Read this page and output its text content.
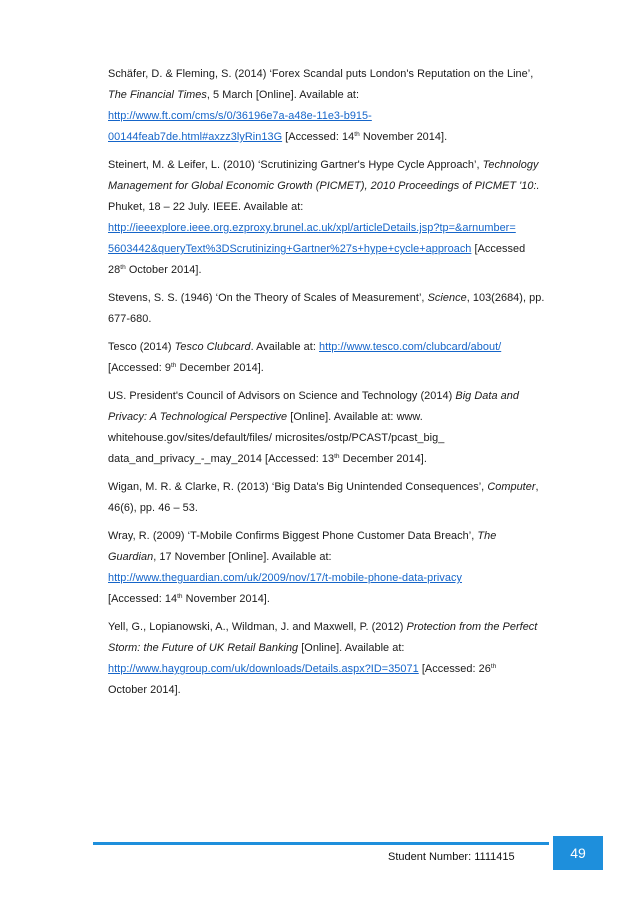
Schäfer, D. & Fleming, S. (2014) ‘Forex Scandal puts London's Reputation on the Line’,
The Financial Times, 5 March [Online]. Available at:
http://www.ft.com/cms/s/0/36196e7a-a48e-11e3-b915-
00144feab7de.html#axzz3lyRin13G [Accessed: 14th November 2014].

Steinert, M. & Leifer, L. (2010) ‘Scrutinizing Gartner's Hype Cycle Approach’, Technology
Management for Global Economic Growth (PICMET), 2010 Proceedings of PICMET '10:.
Phuket, 18 – 22 July. IEEE. Available at:
http://ieeexplore.ieee.org.ezproxy.brunel.ac.uk/xpl/articleDetails.jsp?tp=&arnumber=
5603442&queryText%3DScrutinizing+Gartner%27s+hype+cycle+approach [Accessed
28th October 2014].

Stevens, S. S. (1946) ‘On the Theory of Scales of Measurement’, Science, 103(2684), pp.
677-680.

Tesco (2014) Tesco Clubcard. Available at: http://www.tesco.com/clubcard/about/
[Accessed: 9th December 2014].

US. President's Council of Advisors on Science and Technology (2014) Big Data and
Privacy: A Technological Perspective [Online]. Available at: www.
whitehouse.gov/sites/default/files/ microsites/ostp/PCAST/pcast_big_
data_and_privacy_-_may_2014 [Accessed: 13th December 2014].

Wigan, M. R. & Clarke, R. (2013) ‘Big Data's Big Unintended Consequences’, Computer,
46(6), pp. 46 – 53.

Wray, R. (2009) ‘T-Mobile Confirms Biggest Phone Customer Data Breach’, The
Guardian, 17 November [Online]. Available at:
http://www.theguardian.com/uk/2009/nov/17/t-mobile-phone-data-privacy
[Accessed: 14th November 2014].

Yell, G., Lopianowski, A., Wildman, J. and Maxwell, P. (2012) Protection from the Perfect
Storm: the Future of UK Retail Banking [Online]. Available at:
http://www.haygroup.com/uk/downloads/Details.aspx?ID=35071 [Accessed: 26th
October 2014].

Student Number: 1111415	49
